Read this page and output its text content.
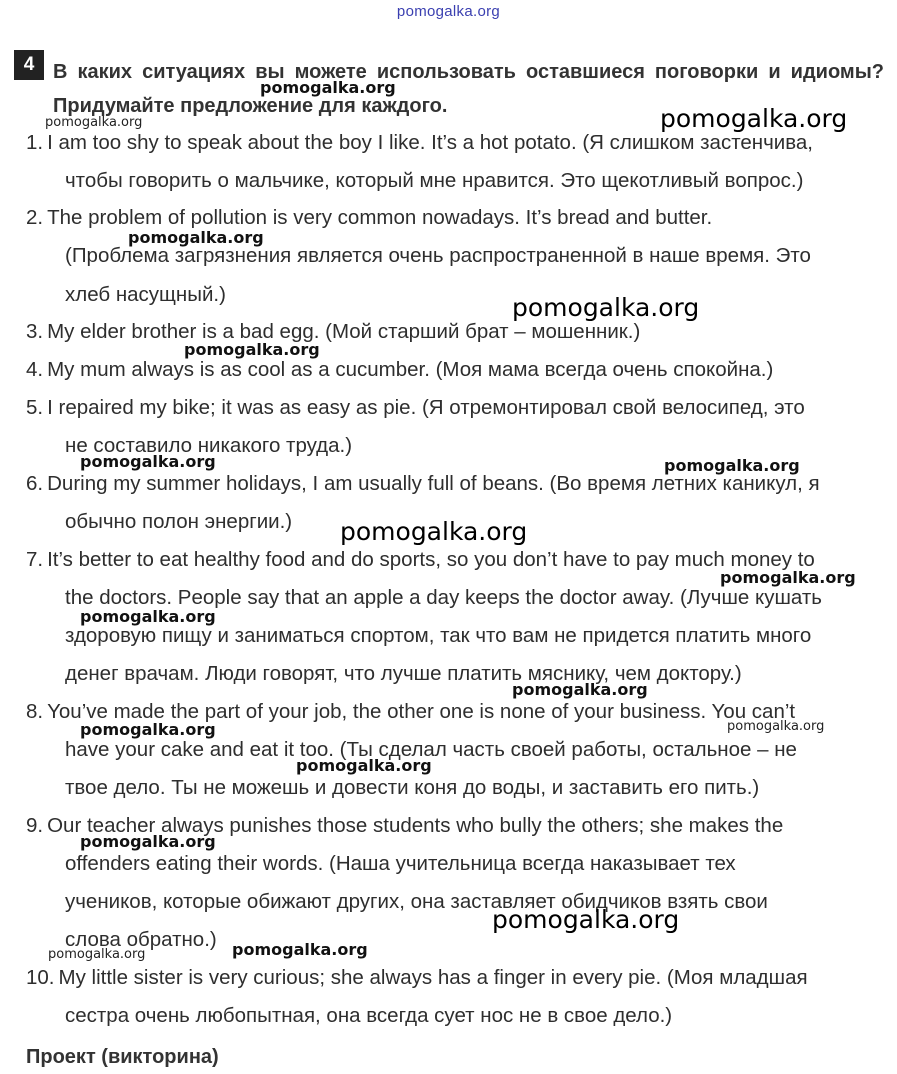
pomogalka.org
4 В каких ситуациях вы можете использовать оставшиеся поговорки и идиомы? Придумайте предложение для каждого.
1. I am too shy to speak about the boy I like. It’s a hot potato. (Я слишком застенчива,
чтобы говорить о мальчике, который мне нравится. Это щекотливый вопрос.)
2. The problem of pollution is very common nowadays. It’s bread and butter.
(Проблема загрязнения является очень распространенной в наше время. Это
хлеб насущный.)
3. My elder brother is a bad egg. (Мой старший брат – мошенник.)
4. My mum always is as cool as a cucumber. (Моя мама всегда очень спокойна.)
5. I repaired my bike; it was as easy as pie. (Я отремонтировал свой велосипед, это
не составило никакого труда.)
6. During my summer holidays, I am usually full of beans. (Во время летних каникул, я
обычно полон энергии.)
7. It’s better to eat healthy food and do sports, so you don’t have to pay much money to
the doctors. People say that an apple a day keeps the doctor away. (Лучше кушать
здоровую пищу и заниматься спортом, так что вам не придется платить много
денег врачам. Люди говорят, что лучше платить мяснику, чем доктору.)
8. You’ve made the part of your job, the other one is none of your business. You can’t
have your cake and eat it too. (Ты сделал часть своей работы, остальное – не
твое дело. Ты не можешь и довести коня до воды, и заставить его пить.)
9. Our teacher always punishes those students who bully the others; she makes the
offenders eating their words. (Наша учительница всегда наказывает тех
учеников, которые обижают других, она заставляет обидчиков взять свои
слова обратно.)
10. My little sister is very curious; she always has a finger in every pie. (Моя младшая
сестра очень любопытная, она всегда сует нос не в свое дело.)
Проект (викторина)
pomogalka.org
pomogalka.org	pomogalka.org
pomogalka.org
pomogalka.org
pomogalka.org
pomogalka.org	pomogalka.org
pomogalka.org
pomogalka.org
pomogalka.org
pomogalka.org
pomogalka.org	pomogalka.org
pomogalka.org
pomogalka.org
pomogalka.org
pomogalka.org	pomogalka.org
